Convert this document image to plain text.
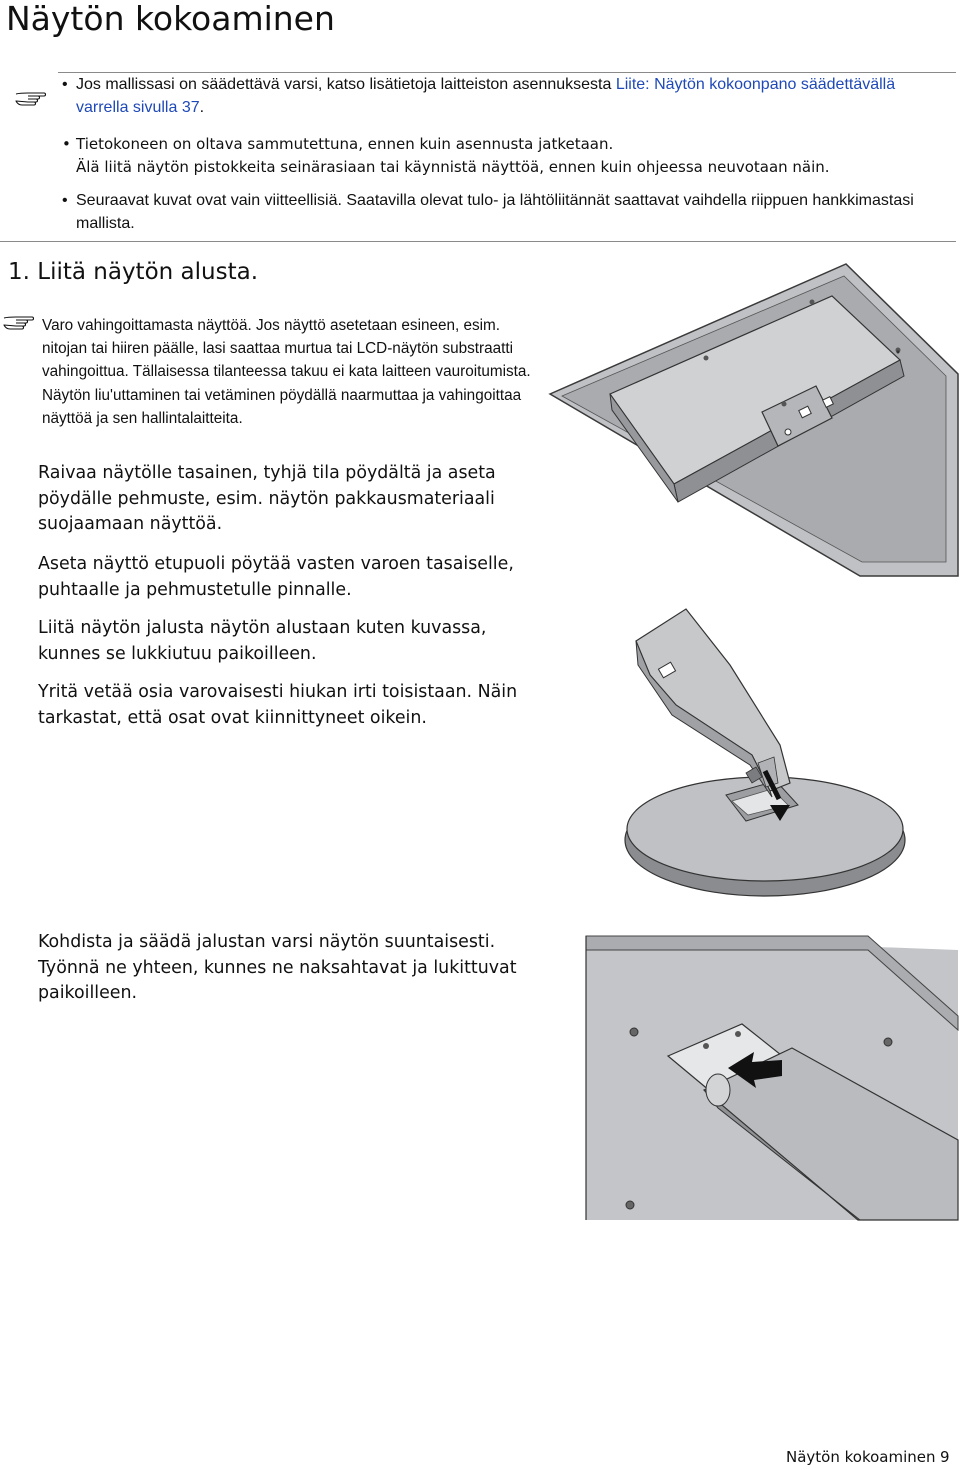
Näytön kokoaminen
• Jos mallissasi on säädettävä varsi, katso lisätietoja laitteiston asennuksesta Liite: Näytön kokoonpano säädettävällä varrella sivulla 37.
• Tietokoneen on oltava sammutettuna, ennen kuin asennusta jatketaan.
Älä liitä näytön pistokkeita seinärasiaan tai käynnistä näyttöä, ennen kuin ohjeessa neuvotaan näin.
• Seuraavat kuvat ovat vain viitteellisiä. Saatavilla olevat tulo- ja lähtöliitännät saattavat vaihdella riippuen hankkimastasi mallista.
1. Liitä näytön alusta.

Varo vahingoittamasta näyttöä. Jos näyttö asetetaan esineen, esim. nitojan tai hiiren päälle, lasi saattaa murtua tai LCD-näytön substraatti vahingoittua. Tällaisessa tilanteessa takuu ei kata laitteen vauroitumista. Näytön liu'uttaminen tai vetäminen pöydällä naarmuttaa ja vahingoittaa näyttöä ja sen hallintalaitteita.

Raivaa näytölle tasainen, tyhjä tila pöydältä ja aseta pöydälle pehmuste, esim. näytön pakkausmateriaali suojaamaan näyttöä.

Aseta näyttö etupuoli pöytää vasten varoen tasaiselle, puhtaalle ja pehmustetulle pinnalle.

Liitä näytön jalusta näytön alustaan kuten kuvassa, kunnes se lukkiutuu paikoilleen.

Yritä vetää osia varovaisesti hiukan irti toisistaan. Näin tarkastat, että osat ovat kiinnittyneet oikein.

Kohdista ja säädä jalustan varsi näytön suuntaisesti. Työnnä ne yhteen, kunnes ne naksahtavat ja lukittuvat paikoilleen.

Näytön kokoaminen 9
